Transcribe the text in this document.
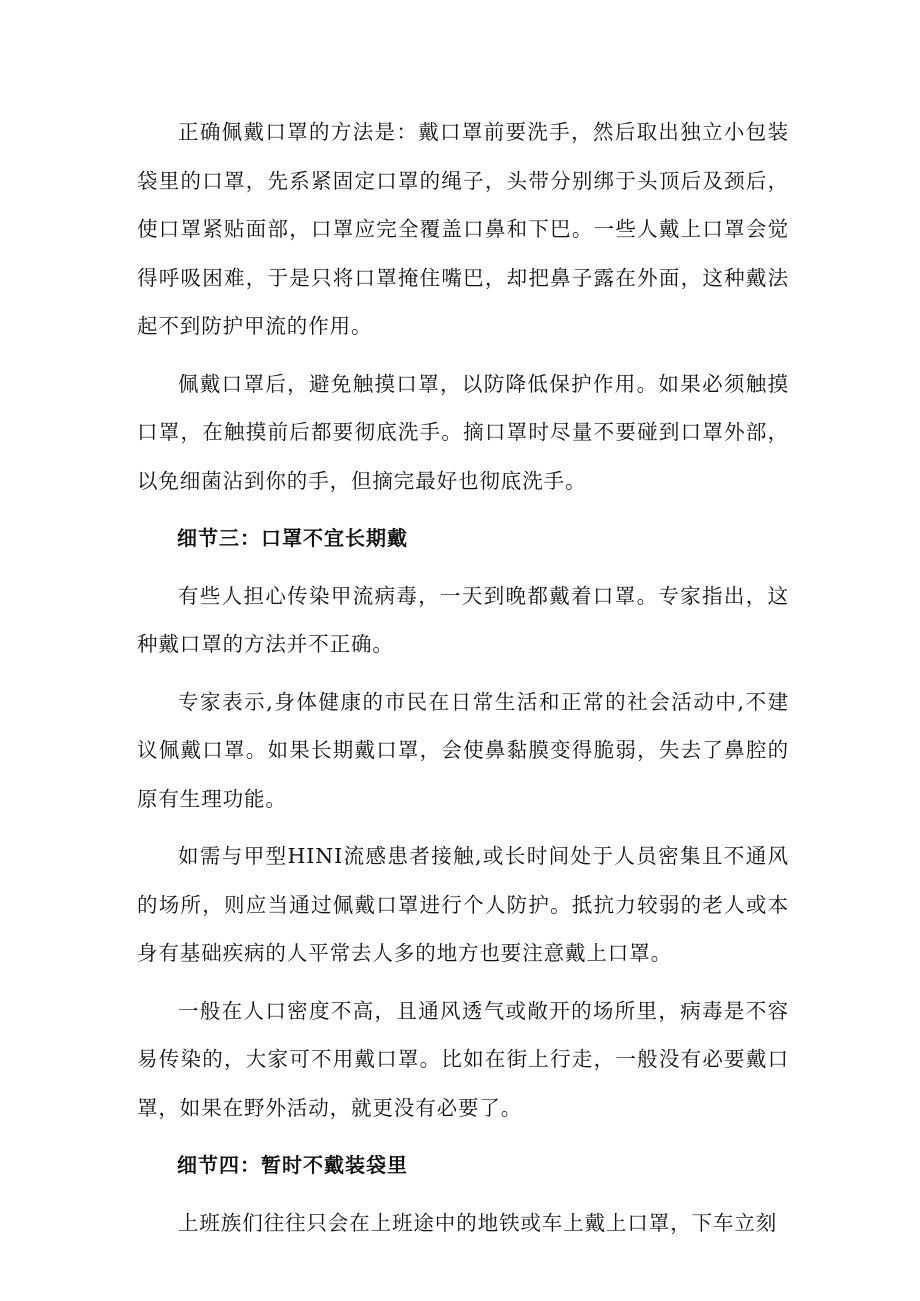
正确佩戴口罩的方法是：戴口罩前要洗手，然后取出独立小包装袋里的口罩，先系紧固定口罩的绳子，头带分别绑于头顶后及颈后，使口罩紧贴面部，口罩应完全覆盖口鼻和下巴。一些人戴上口罩会觉得呼吸困难，于是只将口罩掩住嘴巴，却把鼻子露在外面，这种戴法起不到防护甲流的作用。

佩戴口罩后，避免触摸口罩，以防降低保护作用。如果必须触摸口罩，在触摸前后都要彻底洗手。摘口罩时尽量不要碰到口罩外部，以免细菌沾到你的手，但摘完最好也彻底洗手。

细节三：口罩不宜长期戴

有些人担心传染甲流病毒，一天到晚都戴着口罩。专家指出，这种戴口罩的方法并不正确。

专家表示,身体健康的市民在日常生活和正常的社会活动中,不建议佩戴口罩。如果长期戴口罩，会使鼻黏膜变得脆弱，失去了鼻腔的原有生理功能。

如需与甲型HINI流感患者接触,或长时间处于人员密集且不通风的场所，则应当通过佩戴口罩进行个人防护。抵抗力较弱的老人或本身有基础疾病的人平常去人多的地方也要注意戴上口罩。

一般在人口密度不高，且通风透气或敞开的场所里，病毒是不容易传染的，大家可不用戴口罩。比如在街上行走，一般没有必要戴口罩，如果在野外活动，就更没有必要了。

细节四：暂时不戴装袋里

上班族们往往只会在上班途中的地铁或车上戴上口罩，下车立刻
